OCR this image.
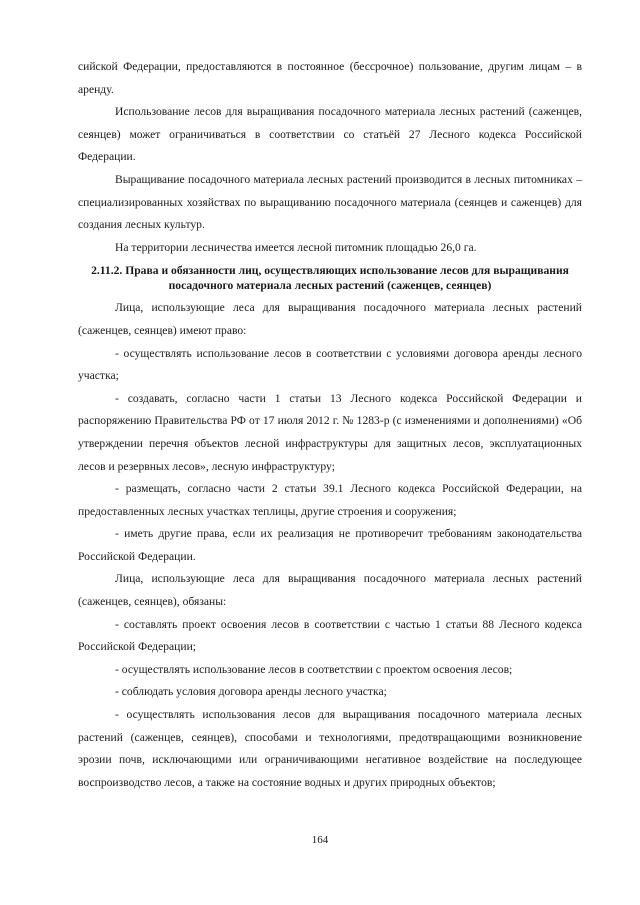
сийской Федерации, предоставляются в постоянное (бессрочное) пользование, другим лицам – в аренду.

Использование лесов для выращивания посадочного материала лесных растений (саженцев, сеянцев) может ограничиваться в соответствии со статьёй 27 Лесного кодекса Российской Федерации.

Выращивание посадочного материала лесных растений производится в лесных питомниках – специализированных хозяйствах по выращиванию посадочного материала (сеянцев и саженцев) для создания лесных культур.

На территории лесничества имеется лесной питомник площадью 26,0 га.

2.11.2. Права и обязанности лиц, осуществляющих использование лесов для выращивания посадочного материала лесных растений (саженцев, сеянцев)

Лица, использующие леса для выращивания посадочного материала лесных растений (саженцев, сеянцев) имеют право:

- осуществлять использование лесов в соответствии с условиями договора аренды лесного участка;

- создавать, согласно части 1 статьи 13 Лесного кодекса Российской Федерации и распоряжению Правительства РФ от 17 июля 2012 г. № 1283-р (с изменениями и дополнениями) «Об утверждении перечня объектов лесной инфраструктуры для защитных лесов, эксплуатационных лесов и резервных лесов», лесную инфраструктуру;

- размещать, согласно части 2 статьи 39.1 Лесного кодекса Российской Федерации, на предоставленных лесных участках теплицы, другие строения и сооружения;

- иметь другие права, если их реализация не противоречит требованиям законодательства Российской Федерации.

Лица, использующие леса для выращивания посадочного материала лесных растений (саженцев, сеянцев), обязаны:

- составлять проект освоения лесов в соответствии с частью 1 статьи 88 Лесного кодекса Российской Федерации;

- осуществлять использование лесов в соответствии с проектом освоения лесов;

- соблюдать условия договора аренды лесного участка;

- осуществлять использования лесов для выращивания посадочного материала лесных растений (саженцев, сеянцев), способами и технологиями, предотвращающими возникновение эрозии почв, исключающими или ограничивающими негативное воздействие на последующее воспроизводство лесов, а также на состояние водных и других природных объектов;

164
